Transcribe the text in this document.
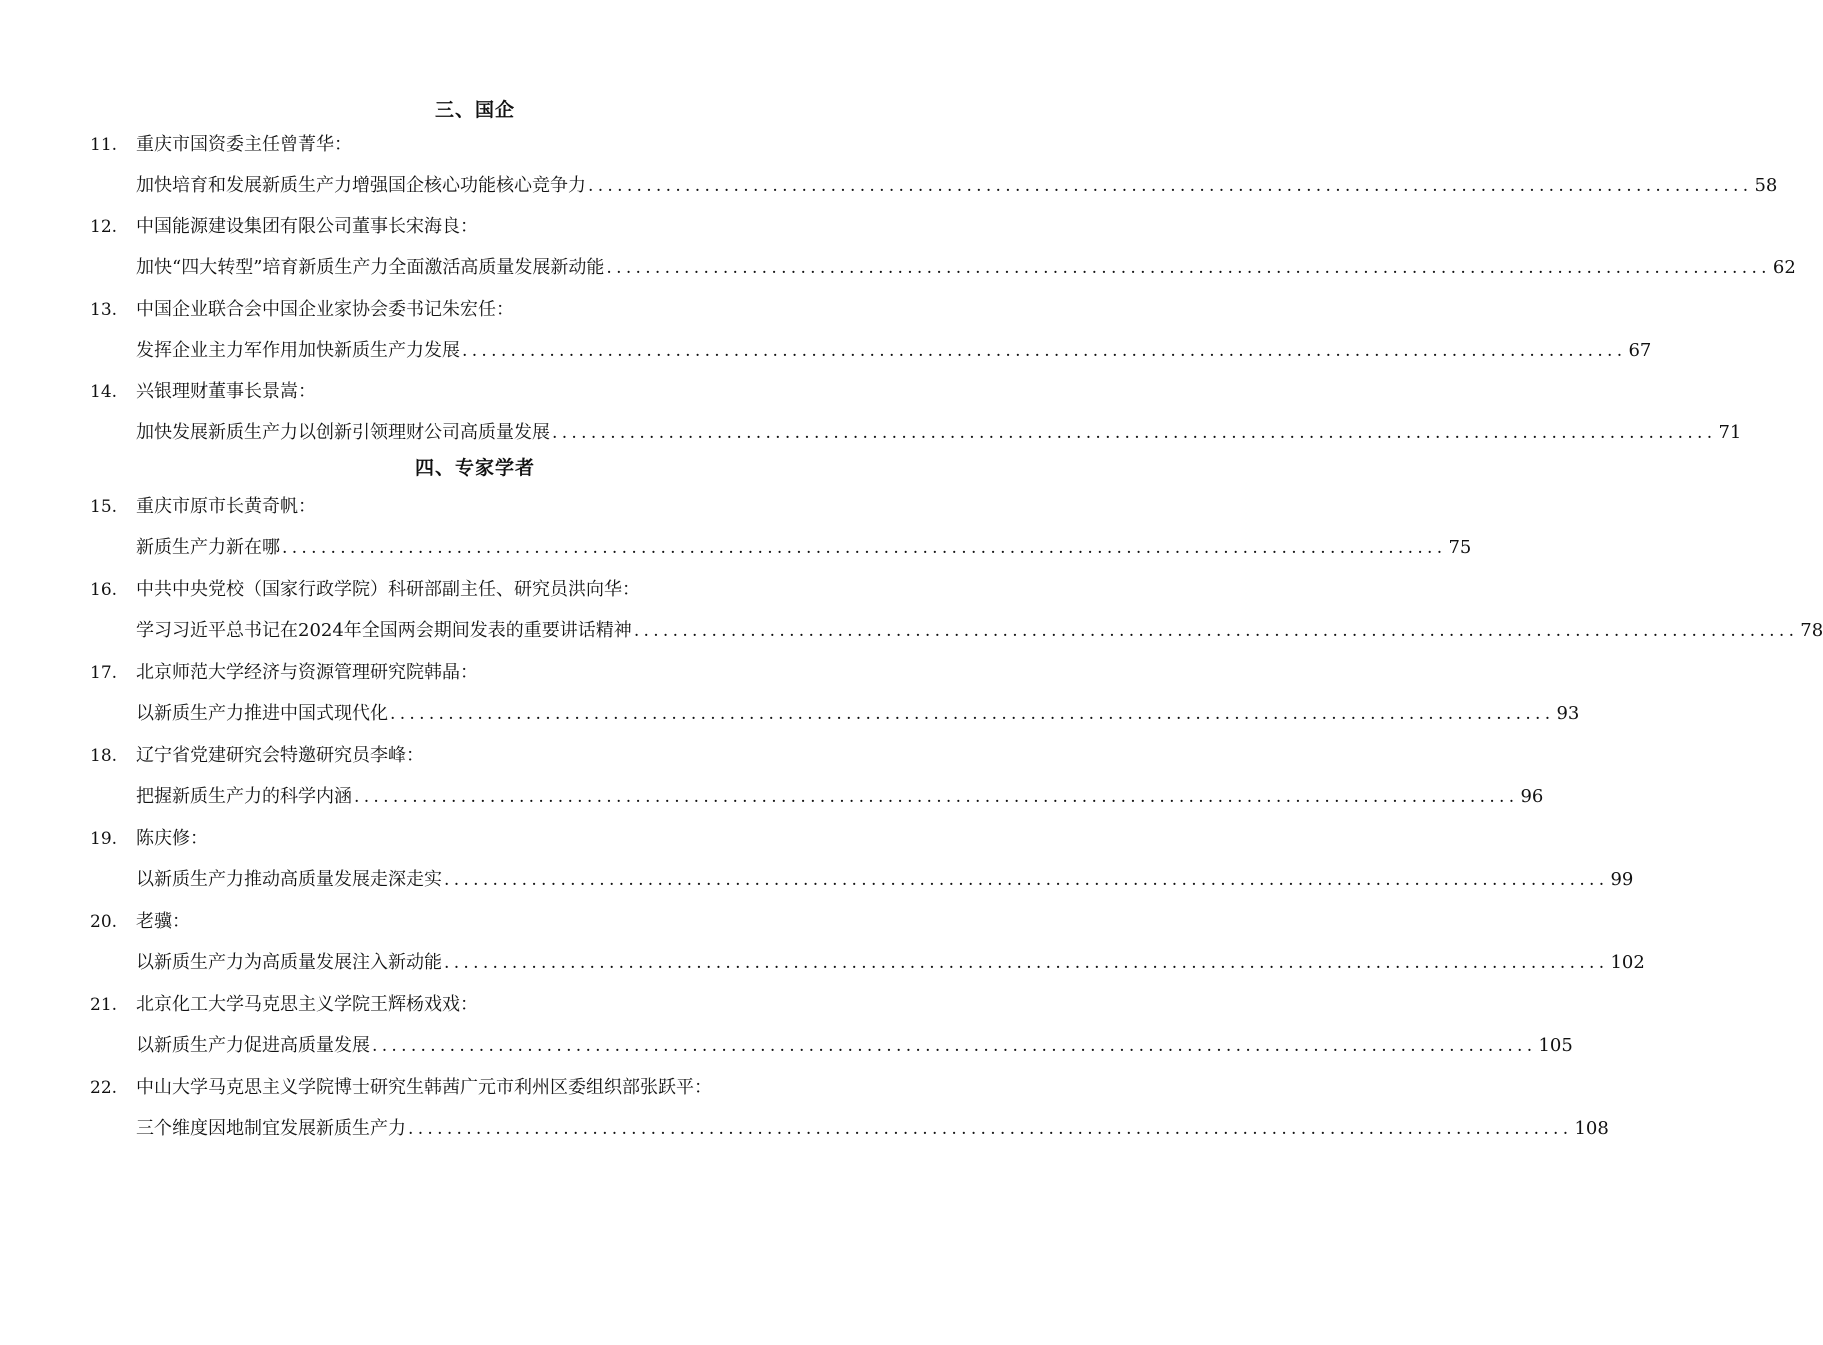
三、国企
11. 重庆市国资委主任曾菁华：
加快培育和发展新质生产力增强国企核心功能核心竞争力 ........................................................................................................................ 58
12. 中国能源建设集团有限公司董事长宋海良：
加快“四大转型”培育新质生产力全面激活高质量发展新动能 ........................................................................................................................ 62
13. 中国企业联合会中国企业家协会委书记朱宏任：
发挥企业主力军作用加快新质生产力发展 ........................................................................................................................ 67
14. 兴银理财董事长景嵩：
加快发展新质生产力以创新引领理财公司高质量发展 ........................................................................................................................ 71
四、专家学者
15. 重庆市原市长黄奇帆：
新质生产力新在哪 ........................................................................................................................ 75
16. 中共中央党校（国家行政学院）科研部副主任、研究员洪向华：
学习习近平总书记在2024年全国两会期间发表的重要讲话精神 ........................................................................................................................ 78
17. 北京师范大学经济与资源管理研究院韩晶：
以新质生产力推进中国式现代化 ........................................................................................................................ 93
18. 辽宁省党建研究会特邀研究员李峰：
把握新质生产力的科学内涵 ........................................................................................................................ 96
19. 陈庆修：
以新质生产力推动高质量发展走深走实 ........................................................................................................................ 99
20. 老骥：
以新质生产力为高质量发展注入新动能 ........................................................................................................................ 102
21. 北京化工大学马克思主义学院王辉杨戏戏：
以新质生产力促进高质量发展 ........................................................................................................................ 105
22. 中山大学马克思主义学院博士研究生韩茜广元市利州区委组织部张跃平：
三个维度因地制宜发展新质生产力 ........................................................................................................................ 108
